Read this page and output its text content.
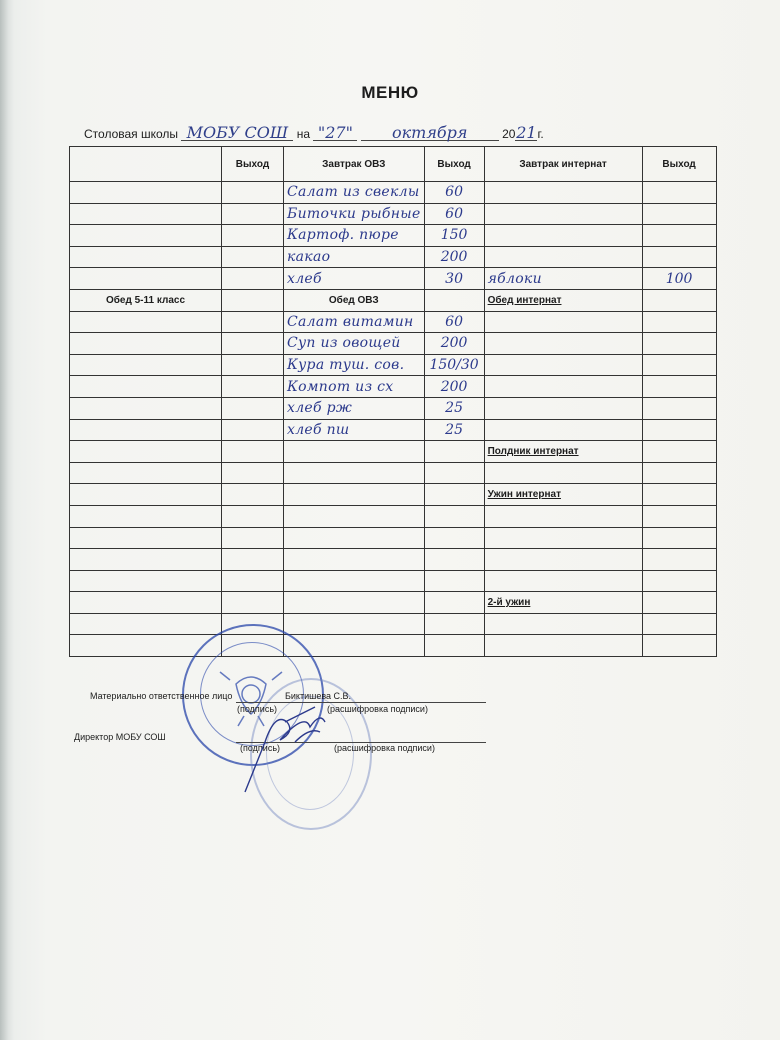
МЕНЮ
Столовая школы МОБУ СОШ на "27" октября	2021г.
	Выход	Завтрак ОВЗ	Выход	Завтрак интернат	Выход
		Салат из свеклы	60		
		Биточки рыбные	60		
		Картоф. пюре	150		
		какао	200		
		хлеб	30	яблоки	100
Обед 5-11 класс		Обед ОВЗ		Обед интернат	
		Салат витамин	60		
		Суп из овощей	200		
		Кура туш. сов.	150/30		
		Компот из сх	200		
		хлеб рж	25		
		хлеб пш	25		
				Полдник интернат	

				Ужин интернат	

				2-й ужин	

Материально ответственное лицо	Биктишева С.В.
(подпись)	(расшифровка подписи)
Директор МОБУ СОШ
(подпись)	(расшифровка подписи)
